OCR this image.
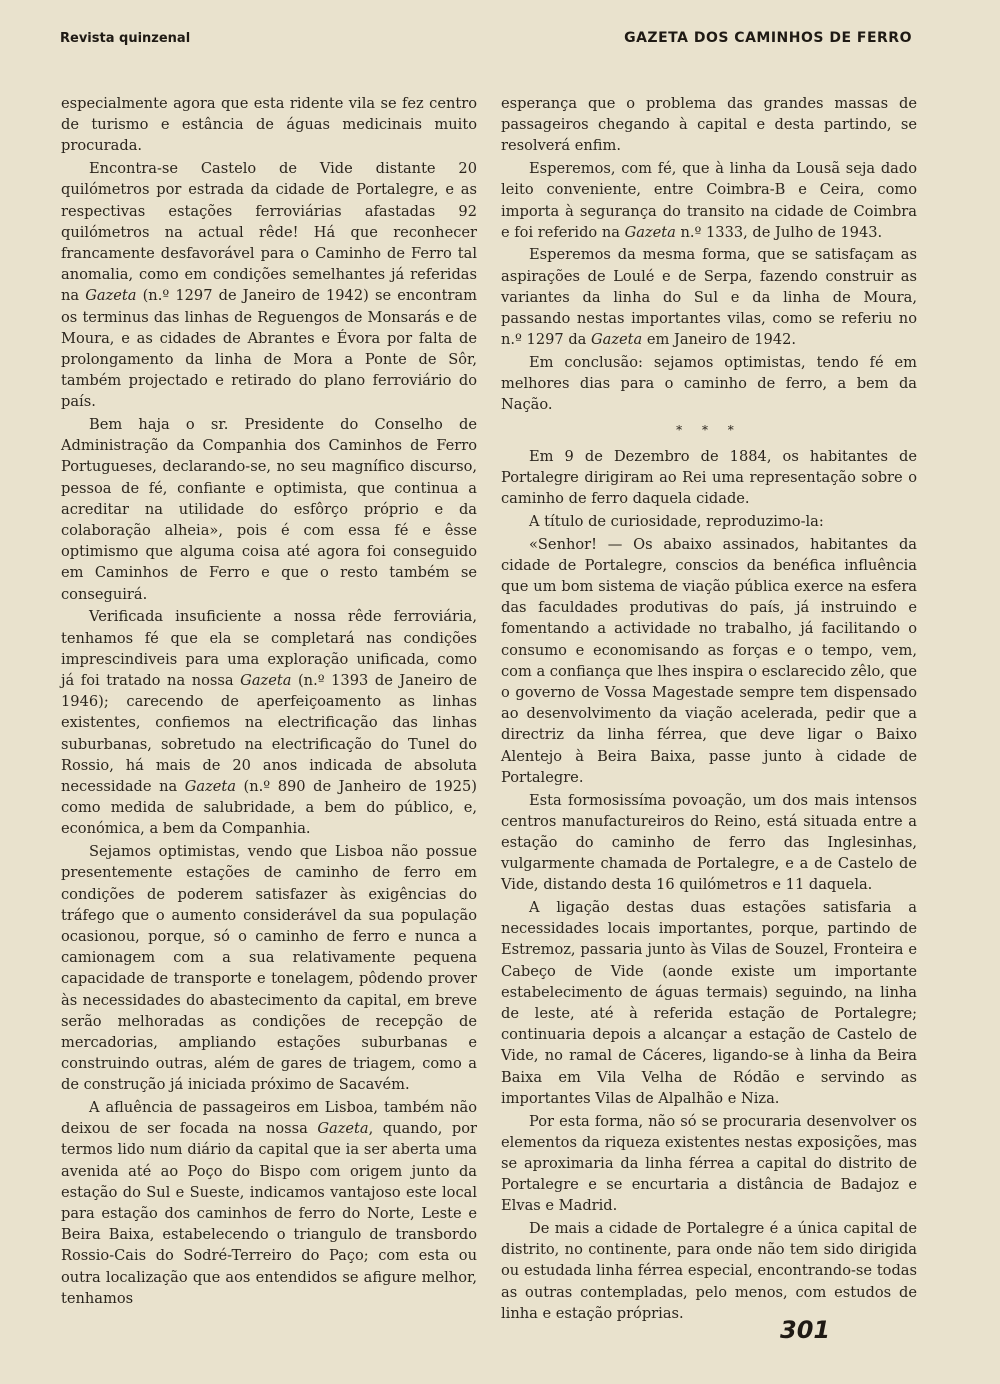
Revista quinzenal	GAZETA DOS CAMINHOS DE FERRO

especialmente agora que esta ridente vila se fez centro de turismo e estância de águas medicinais muito procurada.

Encontra-se Castelo de Vide distante 20 quilómetros por estrada da cidade de Portalegre, e as respectivas estações ferroviárias afastadas 92 quilómetros na actual rêde! Há que reconhecer francamente desfavorável para o Caminho de Ferro tal anomalia, como em condições semelhantes já referidas na Gazeta (n.º 1297 de Janeiro de 1942) se encontram os terminus das linhas de Reguengos de Monsarás e de Moura, e as cidades de Abrantes e Évora por falta de prolongamento da linha de Mora a Ponte de Sôr, também projectado e retirado do plano ferroviário do país.

Bem haja o sr. Presidente do Conselho de Administração da Companhia dos Caminhos de Ferro Portugueses, declarando-se, no seu magnífico discurso, pessoa de fé, confiante e optimista, que continua a acreditar na utilidade do esfôrço próprio e da colaboração alheia», pois é com essa fé e êsse optimismo que alguma coisa até agora foi conseguido em Caminhos de Ferro e que o resto também se conseguirá.

Verificada insuficiente a nossa rêde ferroviária, tenhamos fé que ela se completará nas condições imprescindiveis para uma exploração unificada, como já foi tratado na nossa Gazeta (n.º 1393 de Janeiro de 1946); carecendo de aperfeiçoamento as linhas existentes, confiemos na electrificação das linhas suburbanas, sobretudo na electrificação do Tunel do Rossio, há mais de 20 anos indicada de absoluta necessidade na Gazeta (n.º 890 de Janheiro de 1925) como medida de salubridade, a bem do público, e, económica, a bem da Companhia.

Sejamos optimistas, vendo que Lisboa não possue presentemente estações de caminho de ferro em condições de poderem satisfazer às exigências do tráfego que o aumento considerável da sua população ocasionou, porque, só o caminho de ferro e nunca a camionagem com a sua relativamente pequena capacidade de transporte e tonelagem, pôdendo prover às necessidades do abastecimento da capital, em breve serão melhoradas as condições de recepção de mercadorias, ampliando estações suburbanas e construindo outras, além de gares de triagem, como a de construção já iniciada próximo de Sacavém.

A afluência de passageiros em Lisboa, também não deixou de ser focada na nossa Gazeta, quando, por termos lido num diário da capital que ia ser aberta uma avenida até ao Poço do Bispo com origem junto da estação do Sul e Sueste, indicamos vantajoso este local para estação dos caminhos de ferro do Norte, Leste e Beira Baixa, estabelecendo o triangulo de transbordo Rossio-Cais do Sodré-Terreiro do Paço; com esta ou outra localização que aos entendidos se afigure melhor, tenhamos

esperança que o problema das grandes massas de passageiros chegando à capital e desta partindo, se resolverá enfim.

Esperemos, com fé, que à linha da Lousã seja dado leito conveniente, entre Coimbra-B e Ceira, como importa à segurança do transito na cidade de Coimbra e foi referido na Gazeta n.º 1333, de Julho de 1943.

Esperemos da mesma forma, que se satisfaçam as aspirações de Loulé e de Serpa, fazendo construir as variantes da linha do Sul e da linha de Moura, passando nestas importantes vilas, como se referiu no n.º 1297 da Gazeta em Janeiro de 1942.

Em conclusão: sejamos optimistas, tendo fé em melhores dias para o caminho de ferro, a bem da Nação.

* * *

Em 9 de Dezembro de 1884, os habitantes de Portalegre dirigiram ao Rei uma representação sobre o caminho de ferro daquela cidade.

A título de curiosidade, reproduzimo-la:

«Senhor! — Os abaixo assinados, habitantes da cidade de Portalegre, conscios da benéfica influência que um bom sistema de viação pública exerce na esfera das faculdades produtivas do país, já instruindo e fomentando a actividade no trabalho, já facilitando o consumo e economisando as forças e o tempo, vem, com a confiança que lhes inspira o esclarecido zêlo, que o governo de Vossa Magestade sempre tem dispensado ao desenvolvimento da viação acelerada, pedir que a directriz da linha férrea, que deve ligar o Baixo Alentejo à Beira Baixa, passe junto à cidade de Portalegre.

Esta formosissíma povoação, um dos mais intensos centros manufactureiros do Reino, está situada entre a estação do caminho de ferro das Inglesinhas, vulgarmente chamada de Portalegre, e a de Castelo de Vide, distando desta 16 quilómetros e 11 daquela.

A ligação destas duas estações satisfaria a necessidades locais importantes, porque, partindo de Estremoz, passaria junto às Vilas de Souzel, Fronteira e Cabeço de Vide (aonde existe um importante estabelecimento de águas termais) seguindo, na linha de leste, até à referida estação de Portalegre; continuaria depois a alcançar a estação de Castelo de Vide, no ramal de Cáceres, ligando-se à linha da Beira Baixa em Vila Velha de Ródão e servindo as importantes Vilas de Alpalhão e Niza.

Por esta forma, não só se procuraria desenvolver os elementos da riqueza existentes nestas exposições, mas se aproximaria da linha férrea a capital do distrito de Portalegre e se encurtaria a distância de Badajoz e Elvas e Madrid.

De mais a cidade de Portalegre é a única capital de distrito, no continente, para onde não tem sido dirigida ou estudada linha férrea especial, encontrando-se todas as outras contempladas, pelo menos, com estudos de linha e estação próprias.

301
